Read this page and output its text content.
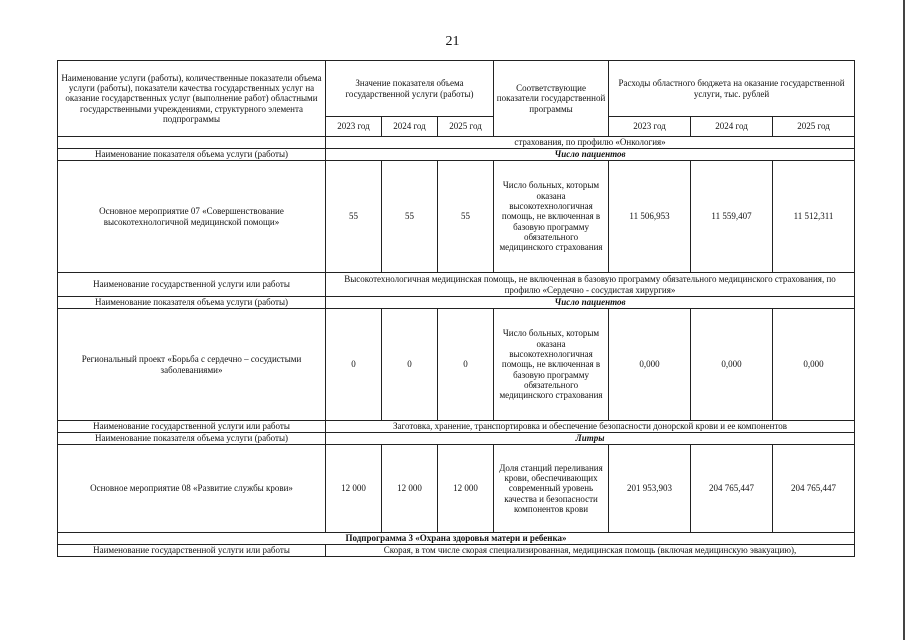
21
Наименование услуги (работы), количественные показатели объема услуги (работы), показатели качества государственных услуг на оказание государственных услуг (выполнение работ) областными государственными учреждениями, структурного элемента подпрограммы	Значение показателя объема государственной услуги (работы)			Соответствующие показатели государственной программы	Расходы областного бюджета на оказание государственной услуги, тыс. рублей		
	2023 год	2024 год	2025 год		2023 год	2024 год	2025 год
	страхования, по профилю «Онкология»						
Наименование показателя объема услуги (работы)	Число пациентов						
Основное мероприятие 07 «Совершенствование высокотехнологичной медицинской помощи»	55	55	55	Число больных, которым оказана высокотехнологичная помощь, не включенная в базовую программу обязательного медицинского страхования	11 506,953	11 559,407	11 512,311
Наименование государственной услуги или работы	Высокотехнологичная медицинская помощь, не включенная в базовую программу обязательного медицинского страхования, по профилю «Сердечно - сосудистая хирургия»						
Наименование показателя объема услуги (работы)	Число пациентов						
Региональный проект «Борьба с сердечно – сосудистыми заболеваниями»	0	0	0	Число больных, которым оказана высокотехнологичная помощь, не включенная в базовую программу обязательного медицинского страхования	0,000	0,000	0,000
Наименование государственной услуги или работы	Заготовка, хранение, транспортировка и обеспечение безопасности донорской крови и ее компонентов						
Наименование показателя объема услуги (работы)	Литры						
Основное мероприятие 08 «Развитие службы крови»	12 000	12 000	12 000	Доля станций переливания крови, обеспечивающих современный уровень качества и безопасности компонентов крови	201 953,903	204 765,447	204 765,447
Подпрограмма 3 «Охрана здоровья матери и ребенка»							
Наименование государственной услуги или работы	Скорая, в том числе скорая специализированная, медицинская помощь (включая медицинскую эвакуацию),						
